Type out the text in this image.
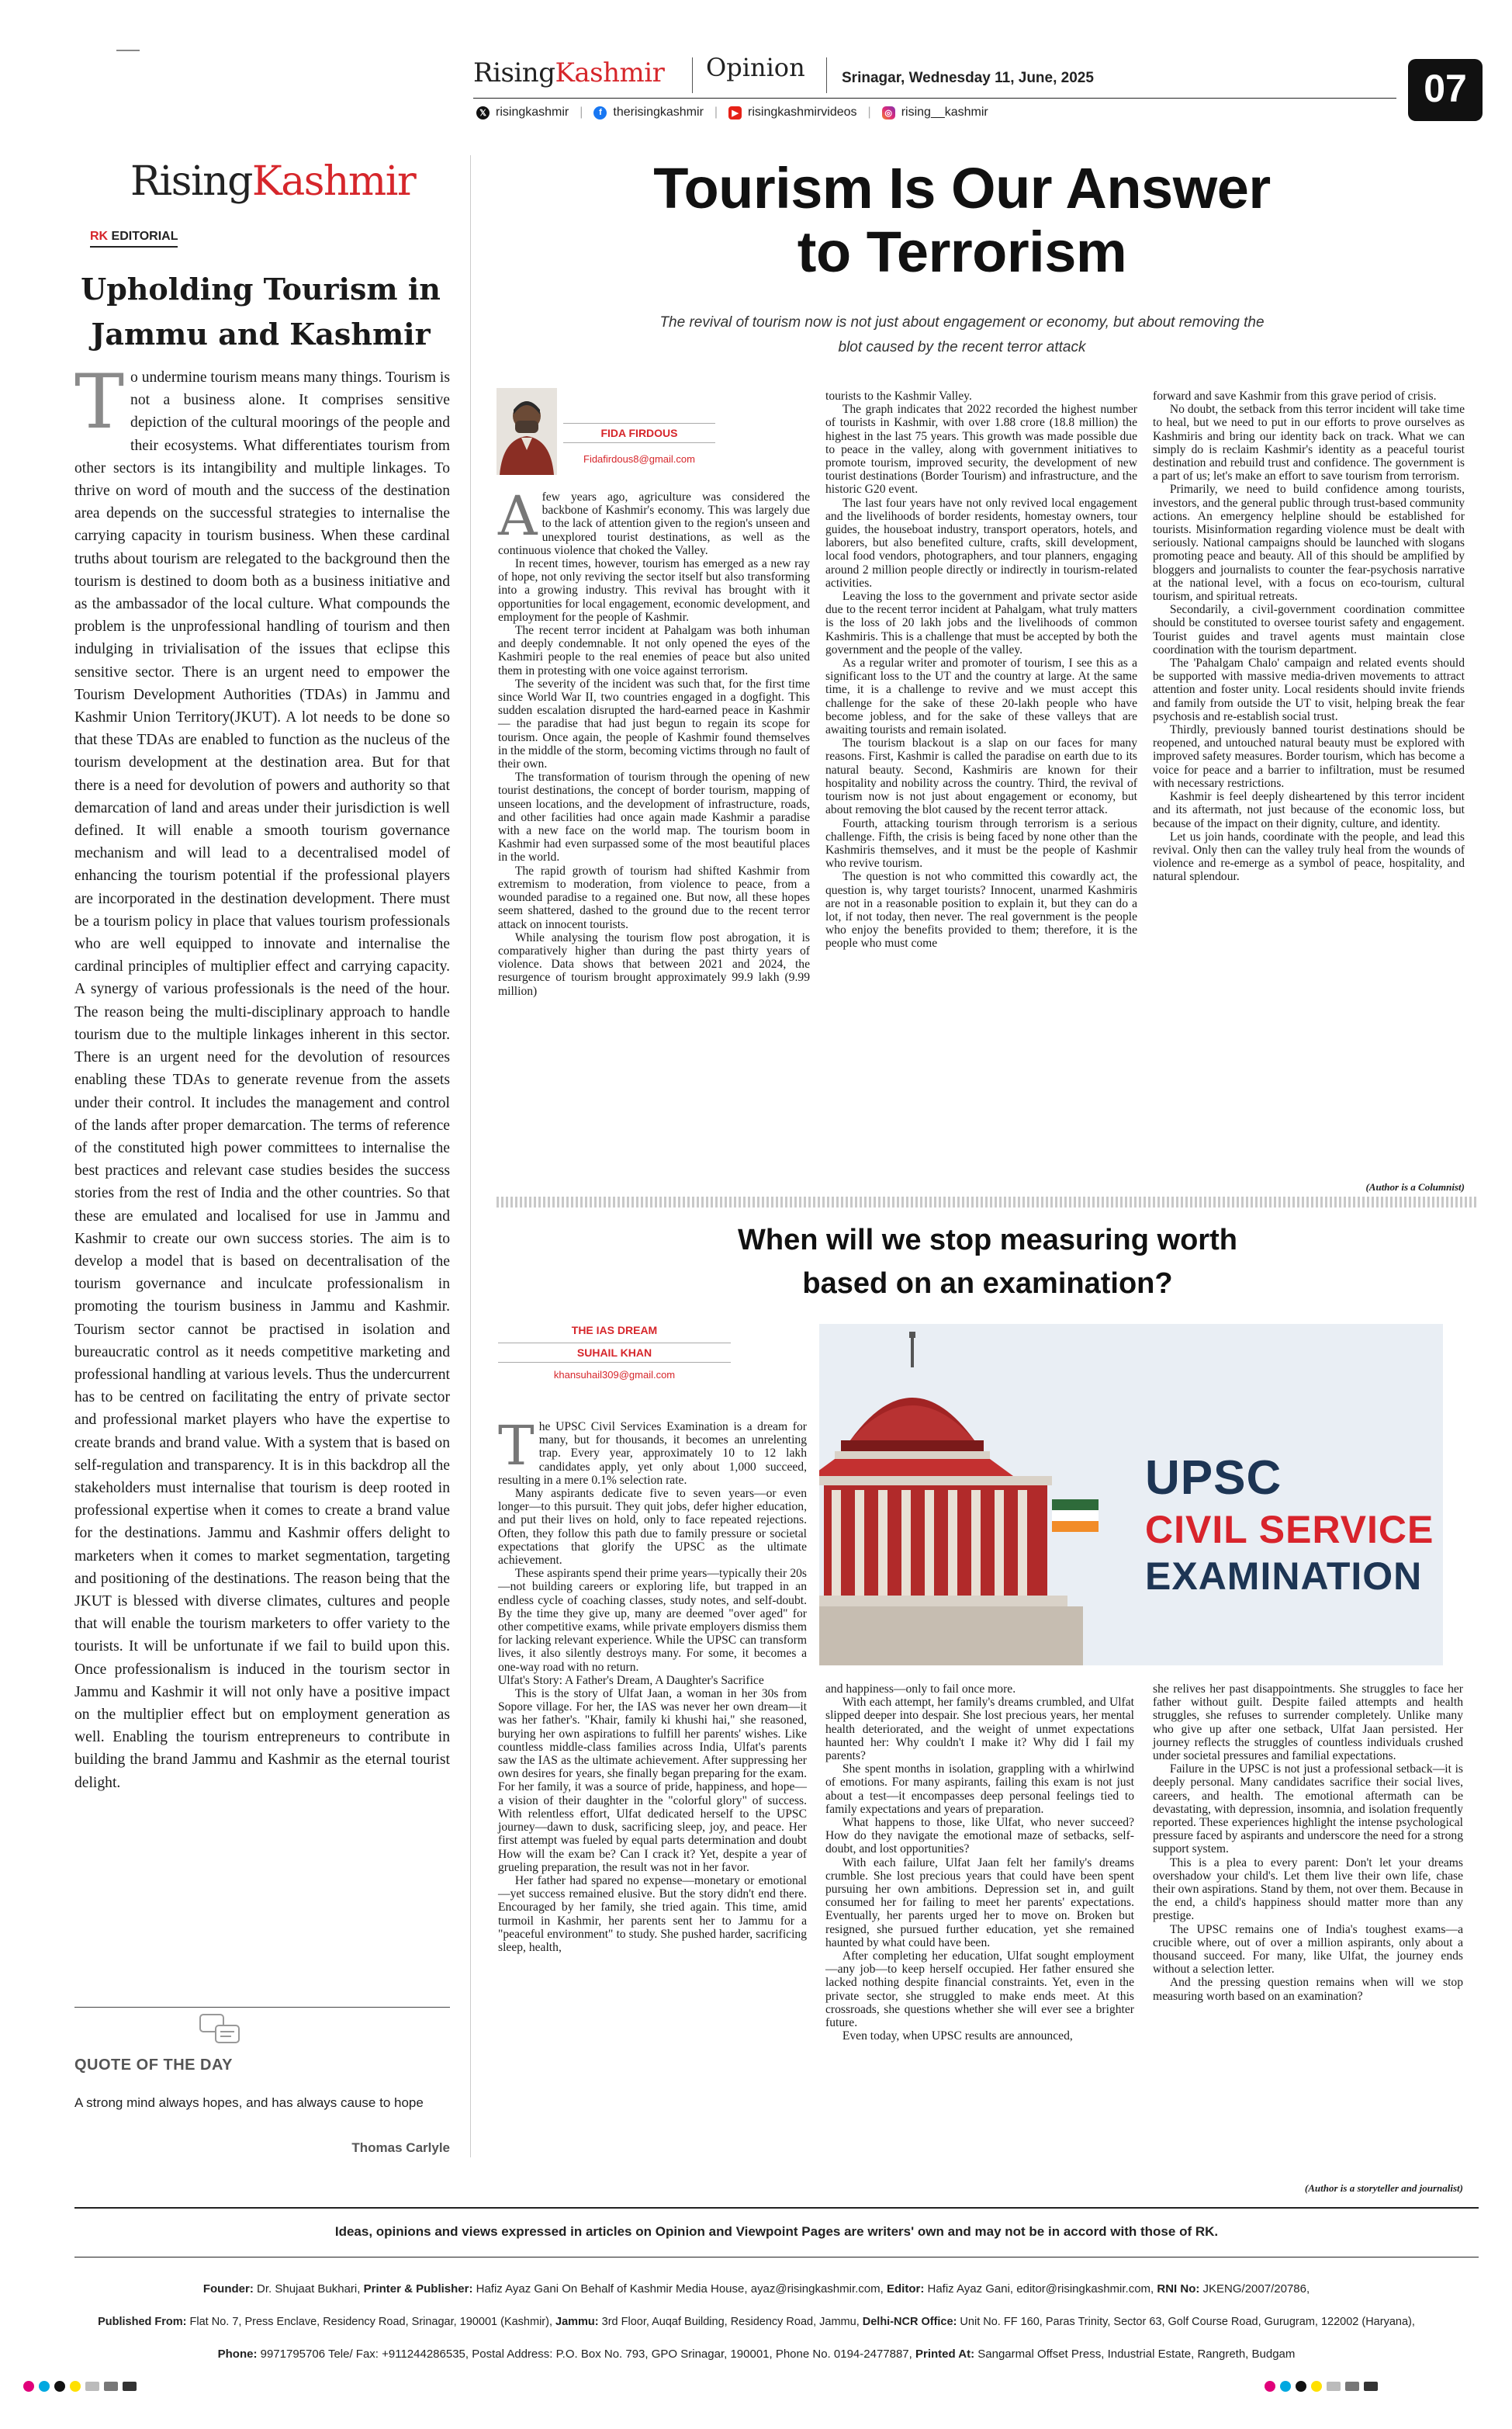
RisingKashmir Opinion Srinagar, Wednesday 11, June, 2025	07
𝕏 risingkashmir |	f therisingkashmir |	▶ risingkashmirvideos |	◎ rising__kashmir
RisingKashmir
RK EDITORIAL
Upholding Tourism in Jammu and Kashmir
To undermine tourism means many things. Tourism is not a business alone. It comprises sensitive depiction of the cultural moorings of the people and their ecosystems. What differentiates tourism from other sectors is its intangibility and multiple linkages. To thrive on word of mouth and the success of the destination area depends on the successful strategies to internalise the carrying capacity in tourism business. When these cardinal truths about tourism are relegated to the background then the tourism is destined to doom both as a business initiative and as the ambassador of the local culture. What compounds the problem is the unprofessional handling of tourism and then indulging in trivialisation of the issues that eclipse this sensitive sector. There is an urgent need to empower the Tourism Development Authorities (TDAs) in Jammu and Kashmir Union Territory(JKUT). A lot needs to be done so that these TDAs are enabled to function as the nucleus of the tourism development at the destination area. But for that there is a need for devolution of powers and authority so that demarcation of land and areas under their jurisdiction is well defined. It will enable a smooth tourism governance mechanism and will lead to a decentralised model of enhancing the tourism potential if the professional players are incorporated in the destination development. There must be a tourism policy in place that values tourism professionals who are well equipped to innovate and internalise the cardinal principles of multiplier effect and carrying capacity. A synergy of various professionals is the need of the hour. The reason being the multi-disciplinary approach to handle tourism due to the multiple linkages inherent in this sector. There is an urgent need for the devolution of resources enabling these TDAs to generate revenue from the assets under their control. It includes the management and control of the lands after proper demarcation. The terms of reference of the constituted high power committees to internalise the best practices and relevant case studies besides the success stories from the rest of India and the other countries. So that these are emulated and localised for use in Jammu and Kashmir to create our own success stories. The aim is to develop a model that is based on decentralisation of the tourism governance and inculcate professionalism in promoting the tourism business in Jammu and Kashmir. Tourism sector cannot be practised in isolation and bureaucratic control as it needs competitive marketing and professional handling at various levels. Thus the undercurrent has to be centred on facilitating the entry of private sector and professional market players who have the expertise to create brands and brand value. With a system that is based on self-regulation and transparency. It is in this backdrop all the stakeholders must internalise that tourism is deep rooted in professional expertise when it comes to create a brand value for the destinations. Jammu and Kashmir offers delight to marketers when it comes to market segmentation, targeting and positioning of the destinations. The reason being that the JKUT is blessed with diverse climates, cultures and people that will enable the tourism marketers to offer variety to the tourists. It will be unfortunate if we fail to build upon this. Once professionalism is induced in the tourism sector in Jammu and Kashmir it will not only have a positive impact on the multiplier effect but on employment generation as well. Enabling the tourism entrepreneurs to contribute in building the brand Jammu and Kashmir as the eternal tourist delight.
QUOTE OF THE DAY
A strong mind always hopes, and has always cause to hope
Thomas Carlyle
Tourism Is Our Answer
to Terrorism
The revival of tourism now is not just about engagement or economy, but about removing the blot caused by the recent terror attack
FIDA FIRDOUS
Fidafirdous8@gmail.com

Afew years ago, agriculture was considered the backbone of Kashmir's economy. This was largely due to the lack of attention given to the region's unseen and unexplored tourist destinations, as well as the continuous violence that choked the Valley.

In recent times, however, tourism has emerged as a new ray of hope, not only reviving the sector itself but also transforming into a growing industry. This revival has brought with it opportunities for local engagement, economic development, and employment for the people of Kashmir.

The recent terror incident at Pahalgam was both inhuman and deeply condemnable. It not only opened the eyes of the Kashmiri people to the real enemies of peace but also united them in protesting with one voice against terrorism.

The severity of the incident was such that, for the first time since World War II, two countries engaged in a dogfight. This sudden escalation disrupted the hard-earned peace in Kashmir — the paradise that had just begun to regain its scope for tourism. Once again, the people of Kashmir found themselves in the middle of the storm, becoming victims through no fault of their own.

The transformation of tourism through the opening of new tourist destinations, the concept of border tourism, mapping of unseen locations, and the development of infrastructure, roads, and other facilities had once again made Kashmir a paradise with a new face on the world map. The tourism boom in Kashmir had even surpassed some of the most beautiful places in the world.

The rapid growth of tourism had shifted Kashmir from extremism to moderation, from violence to peace, from a wounded paradise to a regained one. But now, all these hopes seem shattered, dashed to the ground due to the recent terror attack on innocent tourists.

While analysing the tourism flow post abrogation, it is comparatively higher than during the past thirty years of violence. Data shows that between 2021 and 2024, the resurgence of tourism brought approximately 99.9 lakh (9.99 million)

tourists to the Kashmir Valley.

The graph indicates that 2022 recorded the highest number of tourists in Kashmir, with over 1.88 crore (18.8 million) the highest in the last 75 years. This growth was made possible due to peace in the valley, along with government initiatives to promote tourism, improved security, the development of new tourist destinations (Border Tourism) and infrastructure, and the historic G20 event.

The last four years have not only revived local engagement and the livelihoods of border residents, homestay owners, tour guides, the houseboat industry, transport operators, hotels, and laborers, but also benefited culture, crafts, skill development, local food vendors, photographers, and tour planners, engaging around 2 million people directly or indirectly in tourism-related activities.

Leaving the loss to the government and private sector aside due to the recent terror incident at Pahalgam, what truly matters is the loss of 20 lakh jobs and the livelihoods of common Kashmiris. This is a challenge that must be accepted by both the government and the people of the valley.

As a regular writer and promoter of tourism, I see this as a significant loss to the UT and the country at large. At the same time, it is a challenge to revive and we must accept this challenge for the sake of these 20-lakh people who have become jobless, and for the sake of these valleys that are awaiting tourists and remain isolated.

The tourism blackout is a slap on our faces for many reasons. First, Kashmir is called the paradise on earth due to its natural beauty. Second, Kashmiris are known for their hospitality and nobility across the country. Third, the revival of tourism now is not just about engagement or economy, but about removing the blot caused by the recent terror attack.

Fourth, attacking tourism through terrorism is a serious challenge. Fifth, the crisis is being faced by none other than the Kashmiris themselves, and it must be the people of Kashmir who revive tourism.

The question is not who committed this cowardly act, the question is, why target tourists? Innocent, unarmed Kashmiris are not in a reasonable position to explain it, but they can do a lot, if not today, then never. The real government is the people who enjoy the benefits provided to them; therefore, it is the people who must come

forward and save Kashmir from this grave period of crisis.

No doubt, the setback from this terror incident will take time to heal, but we need to put in our efforts to prove ourselves as Kashmiris and bring our identity back on track. What we can simply do is reclaim Kashmir's identity as a peaceful tourist destination and rebuild trust and confidence. The government is a part of us; let's make an effort to save tourism from terrorism.

Primarily, we need to build confidence among tourists, investors, and the general public through trust-based community actions. An emergency helpline should be established for tourists. Misinformation regarding violence must be dealt with seriously. National campaigns should be launched with slogans promoting peace and beauty. All of this should be amplified by bloggers and journalists to counter the fear-psychosis narrative at the national level, with a focus on eco-tourism, cultural tourism, and spiritual retreats.

Secondarily, a civil-government coordination committee should be constituted to oversee tourist safety and engagement. Tourist guides and travel agents must maintain close coordination with the tourism department.

The 'Pahalgam Chalo' campaign and related events should be supported with massive media-driven movements to attract attention and foster unity. Local residents should invite friends and family from outside the UT to visit, helping break the fear psychosis and re-establish social trust.

Thirdly, previously banned tourist destinations should be reopened, and untouched natural beauty must be explored with improved safety measures. Border tourism, which has become a voice for peace and a barrier to infiltration, must be resumed with necessary restrictions.

Kashmir is feel deeply disheartened by this terror incident and its aftermath, not just because of the economic loss, but because of the impact on their dignity, culture, and identity.

Let us join hands, coordinate with the people, and lead this revival. Only then can the valley truly heal from the wounds of violence and re-emerge as a symbol of peace, hospitality, and natural splendour.

(Author is a Columnist)
When will we stop measuring worth
based on an examination?
THE IAS DREAM
SUHAIL KHAN
khansuhail309@gmail.com
UPSC
CIVIL SERVICE
EXAMINATION

The UPSC Civil Services Examination is a dream for many, but for thousands, it becomes an unrelenting trap. Every year, approximately 10 to 12 lakh candidates apply, yet only about 1,000 succeed, resulting in a mere 0.1% selection rate.

Many aspirants dedicate five to seven years—or even longer—to this pursuit. They quit jobs, defer higher education, and put their lives on hold, only to face repeated rejections. Often, they follow this path due to family pressure or societal expectations that glorify the UPSC as the ultimate achievement.

These aspirants spend their prime years—typically their 20s—not building careers or exploring life, but trapped in an endless cycle of coaching classes, study notes, and self-doubt. By the time they give up, many are deemed "over aged" for other competitive exams, while private employers dismiss them for lacking relevant experience. While the UPSC can transform lives, it also silently destroys many. For some, it becomes a one-way road with no return.

Ulfat's Story: A Father's Dream, A Daughter's Sacrifice

This is the story of Ulfat Jaan, a woman in her 30s from Sopore village. For her, the IAS was never her own dream—it was her father's. "Khair, family ki khushi hai," she reasoned, burying her own aspirations to fulfill her parents' wishes. Like countless middle-class families across India, Ulfat's parents saw the IAS as the ultimate achievement. After suppressing her own desires for years, she finally began preparing for the exam. For her family, it was a source of pride, happiness, and hope—a vision of their daughter in the "colorful glory" of success. With relentless effort, Ulfat dedicated herself to the UPSC journey—dawn to dusk, sacrificing sleep, joy, and peace. Her first attempt was fueled by equal parts determination and doubt How will the exam be? Can I crack it? Yet, despite a year of grueling preparation, the result was not in her favor.

Her father had spared no expense—monetary or emotional—yet success remained elusive. But the story didn't end there. Encouraged by her family, she tried again. This time, amid turmoil in Kashmir, her parents sent her to Jammu for a "peaceful environment" to study. She pushed harder, sacrificing sleep, health,

and happiness—only to fail once more.

With each attempt, her family's dreams crumbled, and Ulfat slipped deeper into despair. She lost precious years, her mental health deteriorated, and the weight of unmet expectations haunted her: Why couldn't I make it? Why did I fail my parents?

She spent months in isolation, grappling with a whirlwind of emotions. For many aspirants, failing this exam is not just about a test—it encompasses deep personal feelings tied to family expectations and years of preparation.

What happens to those, like Ulfat, who never succeed? How do they navigate the emotional maze of setbacks, self-doubt, and lost opportunities?

With each failure, Ulfat Jaan felt her family's dreams crumble. She lost precious years that could have been spent pursuing her own ambitions. Depression set in, and guilt consumed her for failing to meet her parents' expectations. Eventually, her parents urged her to move on. Broken but resigned, she pursued further education, yet she remained haunted by what could have been.

After completing her education, Ulfat sought employment—any job—to keep herself occupied. Her father ensured she lacked nothing despite financial constraints. Yet, even in the private sector, she struggled to make ends meet. At this crossroads, she questions whether she will ever see a brighter future.

Even today, when UPSC results are announced,

she relives her past disappointments. She struggles to face her father without guilt. Despite failed attempts and health struggles, she refuses to surrender completely. Unlike many who give up after one setback, Ulfat Jaan persisted. Her journey reflects the struggles of countless individuals crushed under societal pressures and familial expectations.

Failure in the UPSC is not just a professional setback—it is deeply personal. Many candidates sacrifice their social lives, careers, and health. The emotional aftermath can be devastating, with depression, insomnia, and isolation frequently reported. These experiences highlight the intense psychological pressure faced by aspirants and underscore the need for a strong support system.

This is a plea to every parent: Don't let your dreams overshadow your child's. Let them live their own life, chase their own aspirations. Stand by them, not over them. Because in the end, a child's happiness should matter more than any prestige.

The UPSC remains one of India's toughest exams—a crucible where, out of over a million aspirants, only about a thousand succeed. For many, like Ulfat, the journey ends without a selection letter.

And the pressing question remains when will we stop measuring worth based on an examination?

(Author is a storyteller and journalist)
Ideas, opinions and views expressed in articles on Opinion and Viewpoint Pages are writers' own and may not be in accord with those of RK.
Founder: Dr. Shujaat Bukhari, Printer & Publisher: Hafiz Ayaz Gani On Behalf of Kashmir Media House, ayaz@risingkashmir.com, Editor: Hafiz Ayaz Gani, editor@risingkashmir.com, RNI No: JKENG/2007/20786,
Published From: Flat No. 7, Press Enclave, Residency Road, Srinagar, 190001 (Kashmir), Jammu: 3rd Floor, Auqaf Building, Residency Road, Jammu, Delhi-NCR Office: Unit No. FF 160, Paras Trinity, Sector 63, Golf Course Road, Gurugram, 122002 (Haryana),
Phone: 9971795706 Tele/ Fax: +911244286535, Postal Address: P.O. Box No. 793, GPO Srinagar, 190001, Phone No. 0194-2477887, Printed At: Sangarmal Offset Press, Industrial Estate, Rangreth, Budgam
